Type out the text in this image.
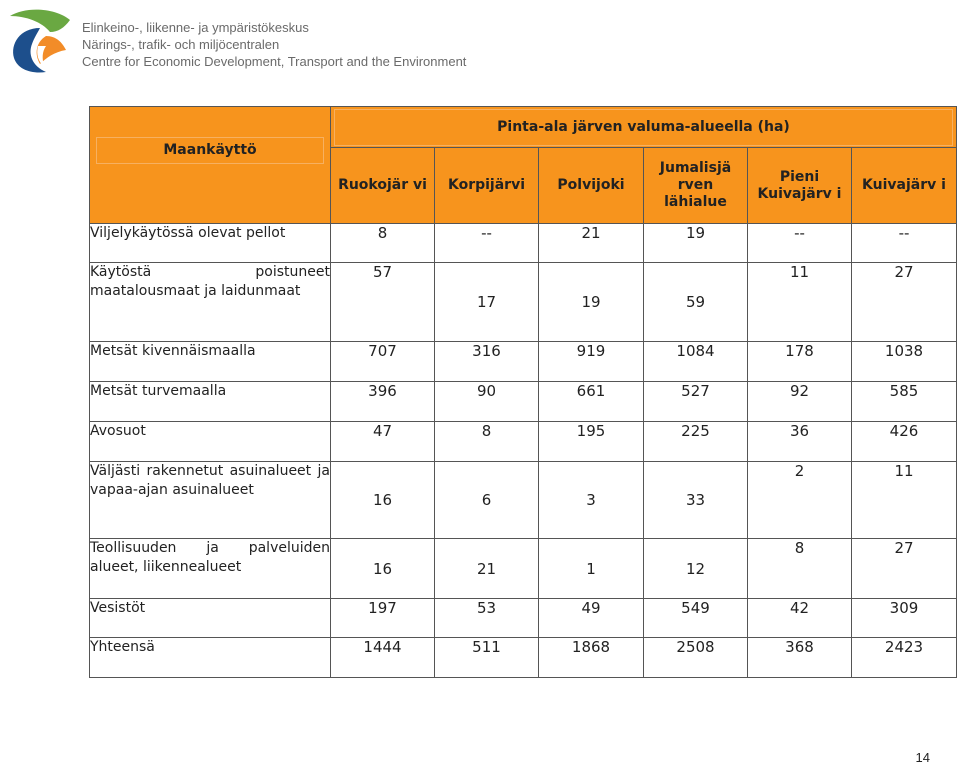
Elinkeino-, liikenne- ja ympäristökeskus
Närings-, trafik- och miljöcentralen
Centre for Economic Development, Transport and the Environment
Maankäyttö	Pinta-ala järven valuma-alueella (ha)					

	Ruokojär vi	Korpijärvi	Polvijoki	Jumalisjä rven lähialue	Pieni Kuivajärv i	Kuivajärv i
Viljelykäytössä olevat pellot	8	--	21	19	--	--
Käytöstä poistuneet maatalousmaat ja laidunmaat	57	17	19	59	11	27
Metsät kivennäismaalla	707	316	919	1084	178	1038
Metsät turvemaalla	396	90	661	527	92	585
Avosuot	47	8	195	225	36	426
Väljästi rakennetut asuinalueet ja vapaa-ajan asuinalueet	16	6	3	33	2	11
Teollisuuden ja palveluiden alueet, liikennealueet	16	21	1	12	8	27
Vesistöt	197	53	49	549	42	309
Yhteensä	1444	511	1868	2508	368	2423
14
